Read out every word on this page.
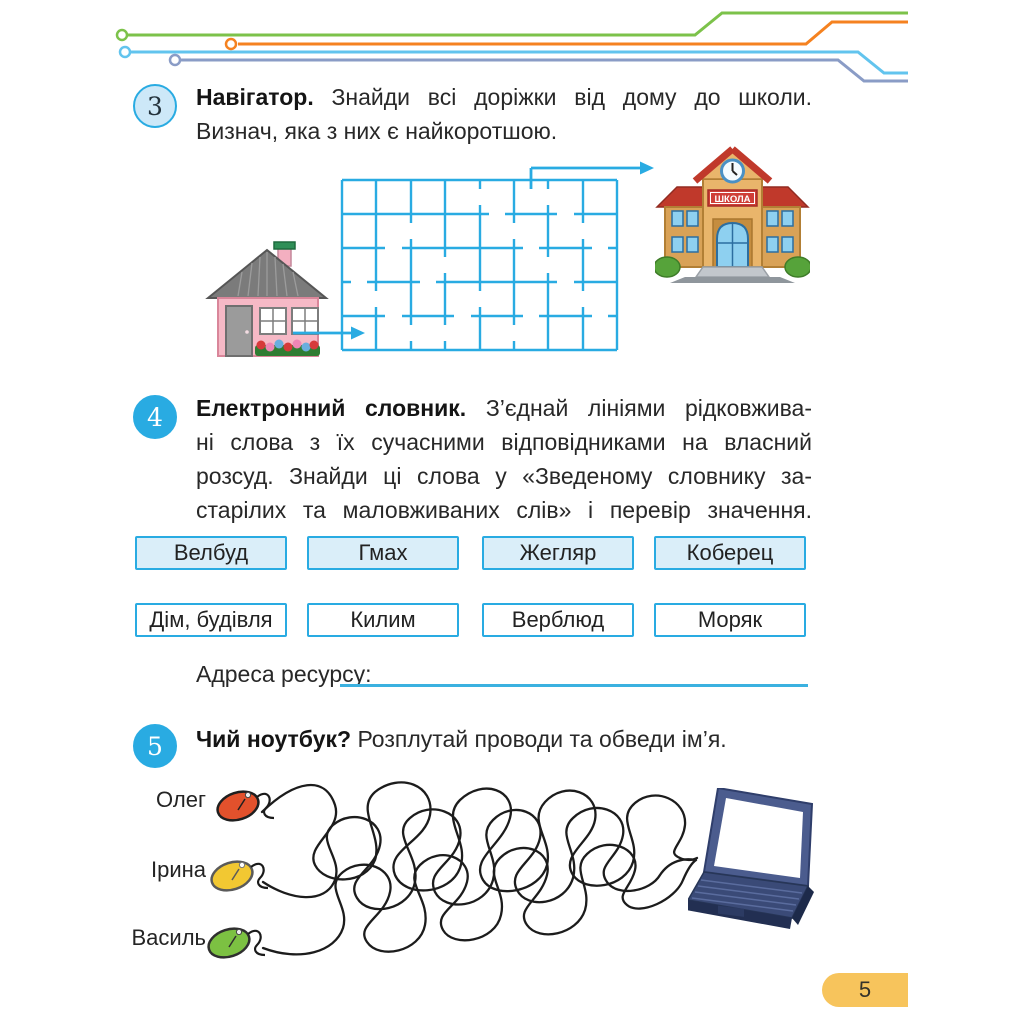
3 Навігатор. Знайди всі доріжки від дому до школи.
Визнач, яка з них є найкоротшою.
ШКОЛА
4 Електронний словник. З’єднай лініями рідковжива-
ні слова з їх сучасними відповідниками на власний
розсуд. Знайди ці слова у «Зведеному словнику за-
старілих та маловживаних слів» і перевір значення.
Велбуд	Гмах	Жегляр	Коберец
Дім, будівля	Килим	Верблюд	Моряк
Адреса ресурсу:
5 Чий ноутбук? Розплутай проводи та обведи ім’я.
Олег
Ірина
Василь
5
